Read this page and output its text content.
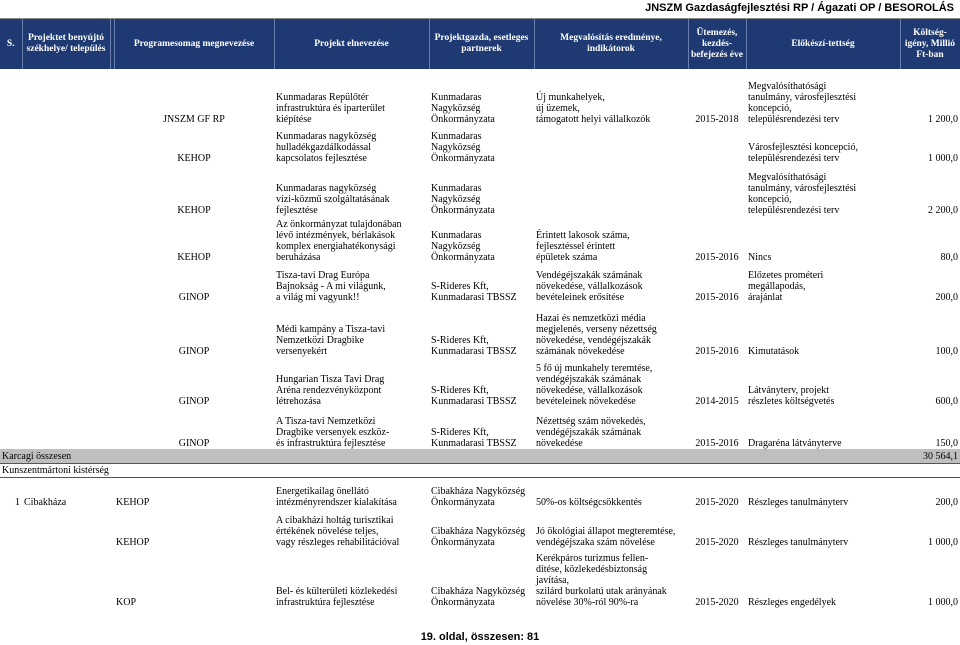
JNSZM Gazdaságfejlesztési RP / Ágazati OP / BESOROLÁS
S.	Projektet benyújtó székhelye/ település		Programesomag megnevezése	Projekt elnevezése	Projektgazda, esetleges partnerek	Megvalósítás eredménye, indikátorok	Ütemezés, kezdés-befejezés éve	Előkészí-tettség	Költség-igény, Millió Ft-ban
			JNSZM GF RP	Kunmadaras Repülőtér
infrastruktúra és iparterület
kiépítése	Kunmadaras
Nagyközség
Önkormányzata	Új munkahelyek,
új üzemek,
támogatott helyi vállalkozók	2015-2018	Megvalósíthatósági
tanulmány, városfejlesztési
koncepció,
településrendezési terv	1 200,0
			KEHOP	Kunmadaras nagyközség
hulladékgazdálkodással
kapcsolatos fejlesztése	Kunmadaras
Nagyközség
Önkormányzata			Városfejlesztési koncepció,
településrendezési terv	1 000,0
			KEHOP	Kunmadaras nagyközség
vízi-közmű szolgáltatásának
fejlesztése	Kunmadaras
Nagyközség
Önkormányzata			Megvalósíthatósági
tanulmány, városfejlesztési
koncepció,
településrendezési terv	2 200,0
			KEHOP	Az önkormányzat tulajdonában
lévő intézmények, bérlakások
komplex energiahatékonysági
beruházása	Kunmadaras
Nagyközség
Önkormányzata	Érintett lakosok száma,
fejlesztéssel érintett
épületek száma	2015-2016	Nincs	80,0
			GINOP	Tisza-tavi Drag Európa
Bajnokság - A mi világunk,
a világ mi vagyunk!!	S-Rideres Kft,
Kunmadarasi TBSSZ	Vendégéjszakák számának
növekedése, vállalkozások
bevételeinek erősítése	2015-2016	Előzetes prométeri
megállapodás,
árajánlat	200,0
			GINOP	Médi kampány a Tisza-tavi
Nemzetközi Dragbike
versenyekért	S-Rideres Kft,
Kunmadarasi TBSSZ	Hazai és nemzetközi média
megjelenés, verseny nézettség
növekedése, vendégéjszakák
számának növekedése	2015-2016	Kimutatások	100,0
			GINOP	Hungarian Tisza Tavi Drag
Aréna rendezvényközpont
létrehozása	S-Rideres Kft,
Kunmadarasi TBSSZ	5 fő új munkahely teremtése,
vendégéjszakák számának
növekedése, vállalkozások
bevételeinek növekedése	2014-2015	Látványterv, projekt
részletes költségvetés	600,0
			GINOP	A Tisza-tavi Nemzetközi
Dragbike versenyek eszköz-
és infrastruktúra fejlesztése	S-Rideres Kft,
Kunmadarasi TBSSZ	Nézettség szám növekedés,
vendégéjszakák számának
növekedése	2015-2016	Dragaréna látványterve	150,0
Karcagi összesen									30 564,1
Kunszentmártoni kistérség									
1	Cibakháza		KEHOP	Energetikailag önellátó
intézményrendszer kialakítása	Cibakháza Nagyközség
Önkormányzata	50%-os költségcsökkentés	2015-2020	Részleges tanulmányterv	200,0
			KEHOP	A cibakházi holtág turisztikai
értékének növelése teljes,
vagy részleges rehabilitációval	Cibakháza Nagyközség
Önkormányzata	Jó ökológiai állapot megteremtése,
vendégéjszaka szám növelése	2015-2020	Részleges tanulmányterv	1 000,0
			KOP	Bel- és külterületi közlekedési
infrastruktúra fejlesztése	Cibakháza Nagyközség
Önkormányzata	Kerékpáros turizmus fellen-
dítése, közlekedésbiztonság
javítása,
szilárd burkolatú utak arányának
növelése 30%-ról 90%-ra	2015-2020	Részleges engedélyek	1 000,0
19. oldal, összesen: 81
